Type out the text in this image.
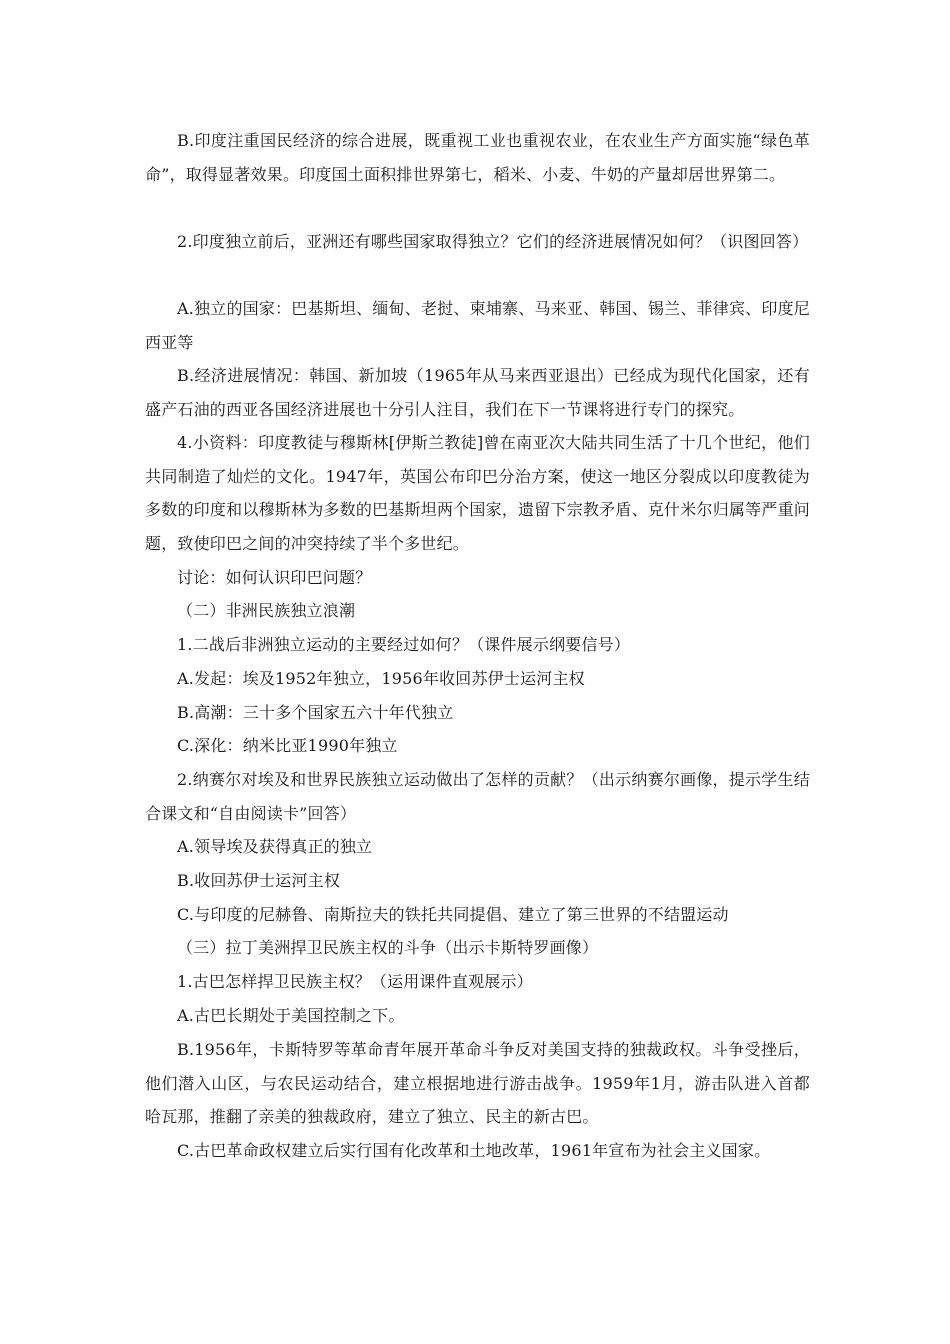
B.印度注重国民经济的综合进展，既重视工业也重视农业，在农业生产方面实施“绿色革命”，取得显著效果。印度国土面积排世界第七，稻米、小麦、牛奶的产量却居世界第二。

2.印度独立前后，亚洲还有哪些国家取得独立？它们的经济进展情况如何？（识图回答）

A.独立的国家：巴基斯坦、缅甸、老挝、柬埔寨、马来亚、韩国、锡兰、菲律宾、印度尼西亚等

B.经济进展情况：韩国、新加坡（1965年从马来西亚退出）已经成为现代化国家，还有盛产石油的西亚各国经济进展也十分引人注目，我们在下一节课将进行专门的探究。

4.小资料：印度教徒与穆斯林[伊斯兰教徒]曾在南亚次大陆共同生活了十几个世纪，他们共同制造了灿烂的文化。1947年，英国公布印巴分治方案，使这一地区分裂成以印度教徒为多数的印度和以穆斯林为多数的巴基斯坦两个国家，遗留下宗教矛盾、克什米尔归属等严重问题，致使印巴之间的冲突持续了半个多世纪。

讨论：如何认识印巴问题？

（二）非洲民族独立浪潮

1.二战后非洲独立运动的主要经过如何？（课件展示纲要信号）

A.发起：埃及1952年独立，1956年收回苏伊士运河主权

B.高潮：三十多个国家五六十年代独立

C.深化：纳米比亚1990年独立

2.纳赛尔对埃及和世界民族独立运动做出了怎样的贡献？（出示纳赛尔画像，提示学生结合课文和“自由阅读卡”回答）

A.领导埃及获得真正的独立

B.收回苏伊士运河主权

C.与印度的尼赫鲁、南斯拉夫的铁托共同提倡、建立了第三世界的不结盟运动

（三）拉丁美洲捍卫民族主权的斗争（出示卡斯特罗画像）

1.古巴怎样捍卫民族主权？（运用课件直观展示）

A.古巴长期处于美国控制之下。

B.1956年，卡斯特罗等革命青年展开革命斗争反对美国支持的独裁政权。斗争受挫后，他们潜入山区，与农民运动结合，建立根据地进行游击战争。1959年1月，游击队进入首都哈瓦那，推翻了亲美的独裁政府，建立了独立、民主的新古巴。

C.古巴革命政权建立后实行国有化改革和土地改革，1961年宣布为社会主义国家。
